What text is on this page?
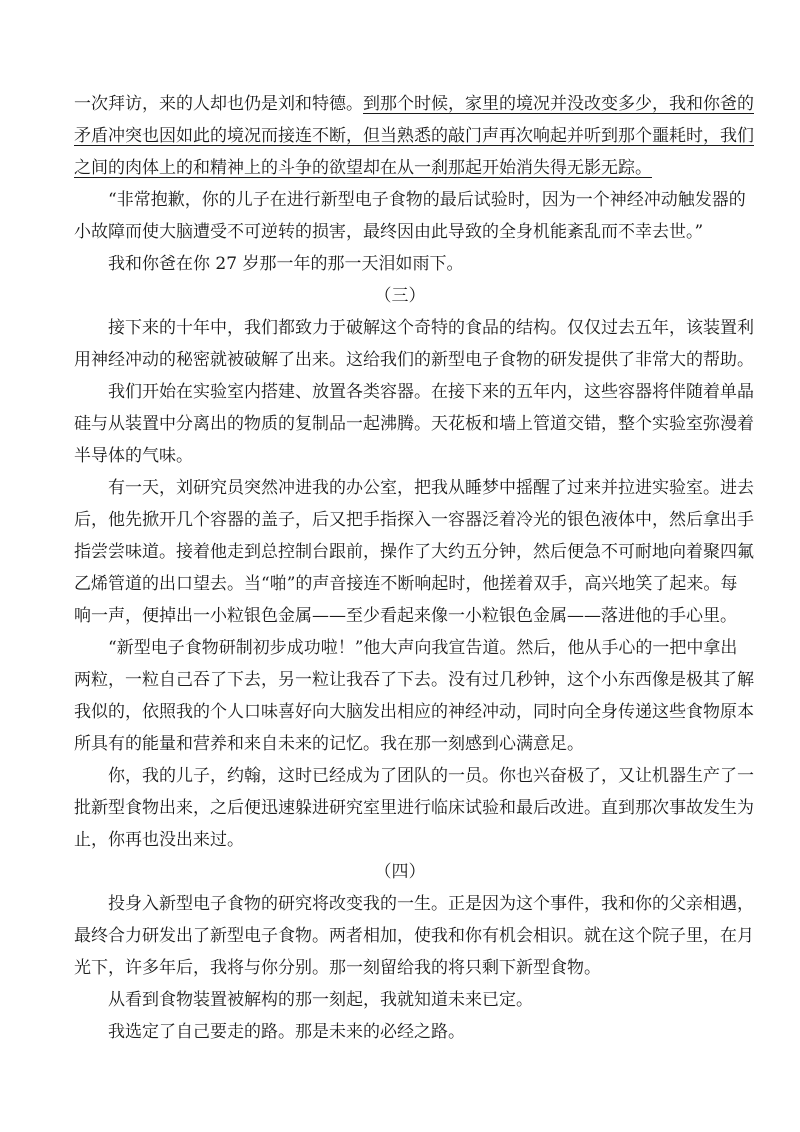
一次拜访，来的人却也仍是刘和特德。到那个时候，家里的境况并没改变多少，我和你爸的
矛盾冲突也因如此的境况而接连不断，但当熟悉的敲门声再次响起并听到那个噩耗时，我们
之间的肉体上的和精神上的斗争的欲望却在从一刹那起开始消失得无影无踪。
“非常抱歉，你的儿子在进行新型电子食物的最后试验时，因为一个神经冲动触发器的
小故障而使大脑遭受不可逆转的损害，最终因由此导致的全身机能紊乱而不幸去世。”
我和你爸在你 27 岁那一年的那一天泪如雨下。
（三）
接下来的十年中，我们都致力于破解这个奇特的食品的结构。仅仅过去五年，该装置利
用神经冲动的秘密就被破解了出来。这给我们的新型电子食物的研发提供了非常大的帮助。
我们开始在实验室内搭建、放置各类容器。在接下来的五年内，这些容器将伴随着单晶
硅与从装置中分离出的物质的复制品一起沸腾。天花板和墙上管道交错，整个实验室弥漫着
半导体的气味。
有一天，刘研究员突然冲进我的办公室，把我从睡梦中摇醒了过来并拉进实验室。进去
后，他先掀开几个容器的盖子，后又把手指探入一容器泛着冷光的银色液体中，然后拿出手
指尝尝味道。接着他走到总控制台跟前，操作了大约五分钟，然后便急不可耐地向着聚四氟
乙烯管道的出口望去。当“啪”的声音接连不断响起时，他搓着双手，高兴地笑了起来。每
响一声，便掉出一小粒银色金属——至少看起来像一小粒银色金属——落进他的手心里。
“新型电子食物研制初步成功啦！”他大声向我宣告道。然后，他从手心的一把中拿出
两粒，一粒自己吞了下去，另一粒让我吞了下去。没有过几秒钟，这个小东西像是极其了解
我似的，依照我的个人口味喜好向大脑发出相应的神经冲动，同时向全身传递这些食物原本
所具有的能量和营养和来自未来的记忆。我在那一刻感到心满意足。
你，我的儿子，约翰，这时已经成为了团队的一员。你也兴奋极了，又让机器生产了一
批新型食物出来，之后便迅速躲进研究室里进行临床试验和最后改进。直到那次事故发生为
止，你再也没出来过。
（四）
投身入新型电子食物的研究将改变我的一生。正是因为这个事件，我和你的父亲相遇，
最终合力研发出了新型电子食物。两者相加，使我和你有机会相识。就在这个院子里，在月
光下，许多年后，我将与你分别。那一刻留给我的将只剩下新型食物。
从看到食物装置被解构的那一刻起，我就知道未来已定。
我选定了自己要走的路。那是未来的必经之路。
